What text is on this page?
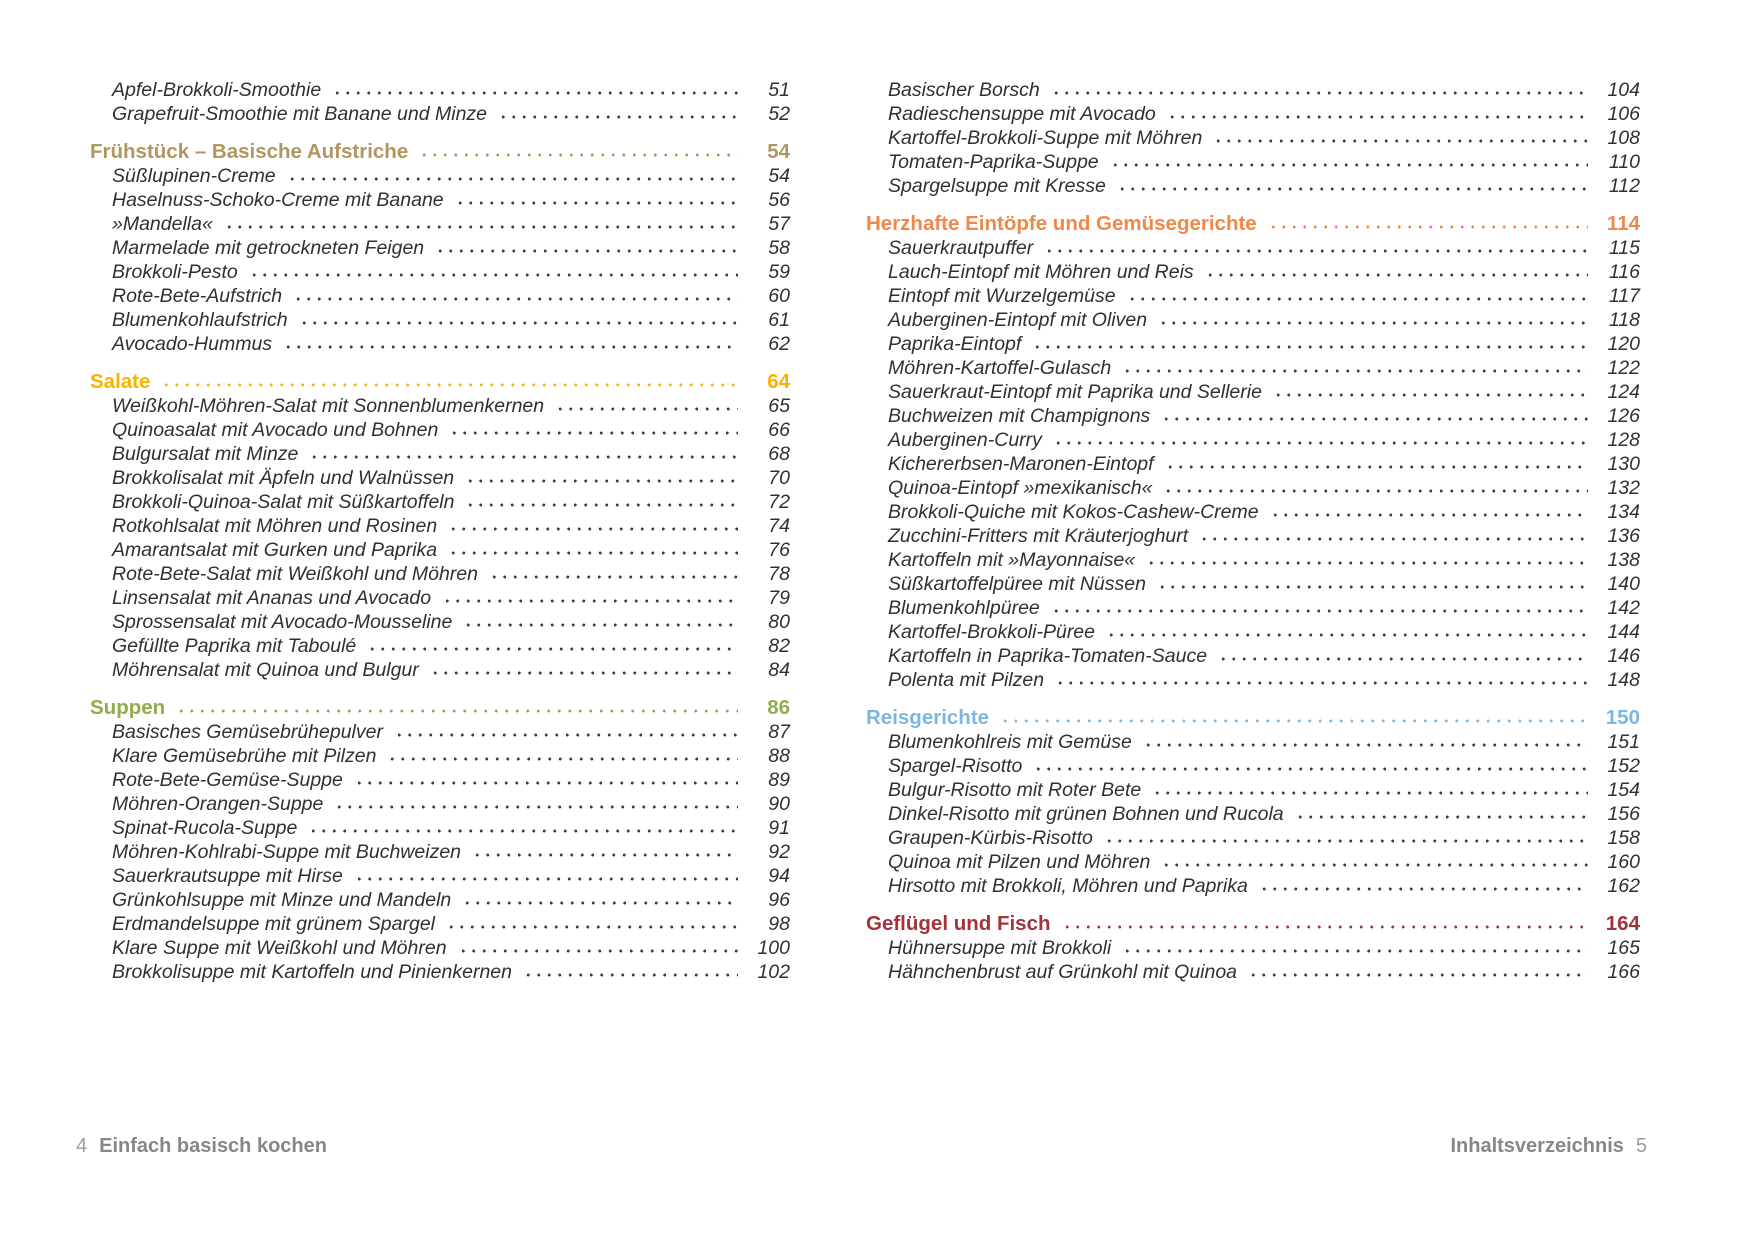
Apfel-Brokkoli-Smoothie	51
Grapefruit-Smoothie mit Banane und Minze	52
Frühstück – Basische Aufstriche	54
Süßlupinen-Creme	54
Haselnuss-Schoko-Creme mit Banane	56
»Mandella«	57
Marmelade mit getrockneten Feigen	58
Brokkoli-Pesto	59
Rote-Bete-Aufstrich	60
Blumenkohlaufstrich	61
Avocado-Hummus	62
Salate	64
Weißkohl-Möhren-Salat mit Sonnenblumenkernen	65
Quinoasalat mit Avocado und Bohnen	66
Bulgursalat mit Minze	68
Brokkolisalat mit Äpfeln und Walnüssen	70
Brokkoli-Quinoa-Salat mit Süßkartoffeln	72
Rotkohlsalat mit Möhren und Rosinen	74
Amarantsalat mit Gurken und Paprika	76
Rote-Bete-Salat mit Weißkohl und Möhren	78
Linsensalat mit Ananas und Avocado	79
Sprossensalat mit Avocado-Mousseline	80
Gefüllte Paprika mit Taboulé	82
Möhrensalat mit Quinoa und Bulgur	84
Suppen	86
Basisches Gemüsebrühepulver	87
Klare Gemüsebrühe mit Pilzen	88
Rote-Bete-Gemüse-Suppe	89
Möhren-Orangen-Suppe	90
Spinat-Rucola-Suppe	91
Möhren-Kohlrabi-Suppe mit Buchweizen	92
Sauerkrautsuppe mit Hirse	94
Grünkohlsuppe mit Minze und Mandeln	96
Erdmandelsuppe mit grünem Spargel	98
Klare Suppe mit Weißkohl und Möhren	100
Brokkolisuppe mit Kartoffeln und Pinienkernen	102
Basischer Borsch	104
Radieschensuppe mit Avocado	106
Kartoffel-Brokkoli-Suppe mit Möhren	108
Tomaten-Paprika-Suppe	110
Spargelsuppe mit Kresse	112
Herzhafte Eintöpfe und Gemüsegerichte	114
Sauerkrautpuffer	115
Lauch-Eintopf mit Möhren und Reis	116
Eintopf mit Wurzelgemüse	117
Auberginen-Eintopf mit Oliven	118
Paprika-Eintopf	120
Möhren-Kartoffel-Gulasch	122
Sauerkraut-Eintopf mit Paprika und Sellerie	124
Buchweizen mit Champignons	126
Auberginen-Curry	128
Kichererbsen-Maronen-Eintopf	130
Quinoa-Eintopf »mexikanisch«	132
Brokkoli-Quiche mit Kokos-Cashew-Creme	134
Zucchini-Fritters mit Kräuterjoghurt	136
Kartoffeln mit »Mayonnaise«	138
Süßkartoffelpüree mit Nüssen	140
Blumenkohlpüree	142
Kartoffel-Brokkoli-Püree	144
Kartoffeln in Paprika-Tomaten-Sauce	146
Polenta mit Pilzen	148
Reisgerichte	150
Blumenkohlreis mit Gemüse	151
Spargel-Risotto	152
Bulgur-Risotto mit Roter Bete	154
Dinkel-Risotto mit grünen Bohnen und Rucola	156
Graupen-Kürbis-Risotto	158
Quinoa mit Pilzen und Möhren	160
Hirsotto mit Brokkoli, Möhren und Paprika	162
Geflügel und Fisch	164
Hühnersuppe mit Brokkoli	165
Hähnchenbrust auf Grünkohl mit Quinoa	166
4 Einfach basisch kochen	Inhaltsverzeichnis 5
